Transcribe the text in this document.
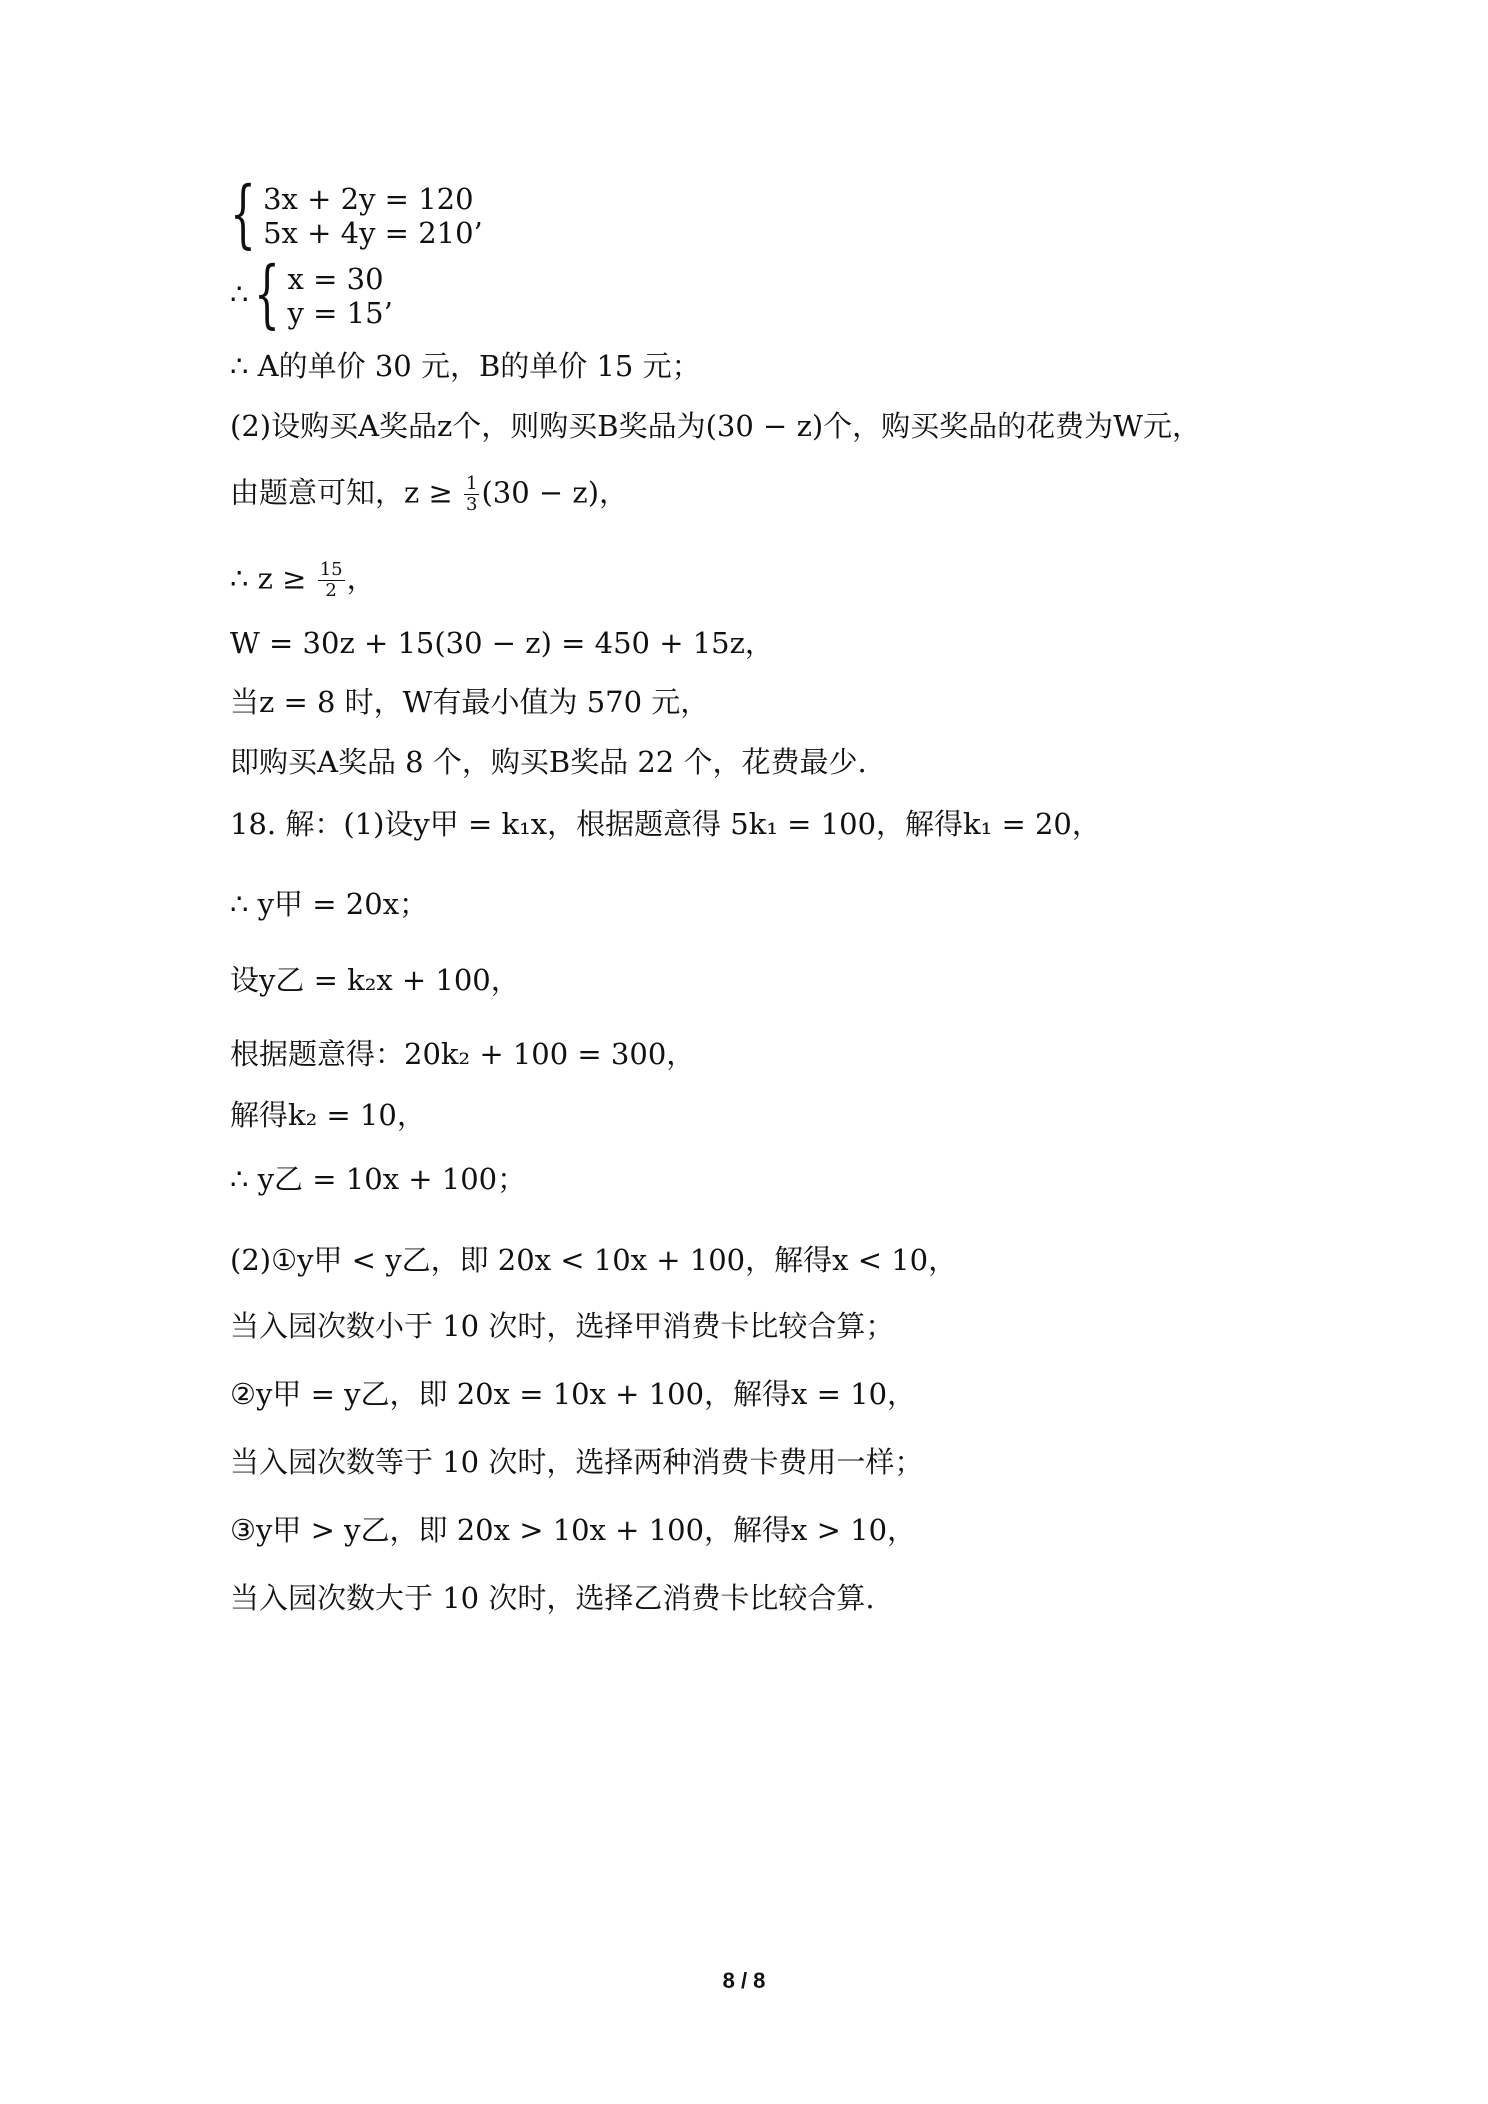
{ 3x + 2y = 120
5x + 4y = 210’
∴{ x = 30
y = 15’
∴ A的单价 30 元，B的单价 15 元；
(2)设购买A奖品z个，则购买B奖品为(30 − z)个，购买奖品的花费为W元，
由题意可知，$z \ge \frac{1}{3} (30 - z)$，
∴ $z \ge \frac{15}{2}$ ，
W = 30z + 15(30 − z) = 450 + 15z，
当z = 8 时，W有最小值为 570 元，
即购买A奖品 8 个，购买B奖品 22 个，花费最少.
18. 解：(1)设y甲 = k₁x，根据题意得 5k₁ = 100，解得k₁ = 20，
∴ y甲 = 20x；
设y乙 = k₂x + 100，
根据题意得：20k₂ + 100 = 300，
解得k₂ = 10，
∴ y乙 = 10x + 100；
(2)①y甲 < y乙，即 20x < 10x + 100，解得x < 10，
当入园次数小于 10 次时，选择甲消费卡比较合算；
②y甲 = y乙，即 20x = 10x + 100，解得x = 10，
当入园次数等于 10 次时，选择两种消费卡费用一样；
③y甲 > y乙，即 20x > 10x + 100，解得x > 10，
当入园次数大于 10 次时，选择乙消费卡比较合算.
8 / 8
